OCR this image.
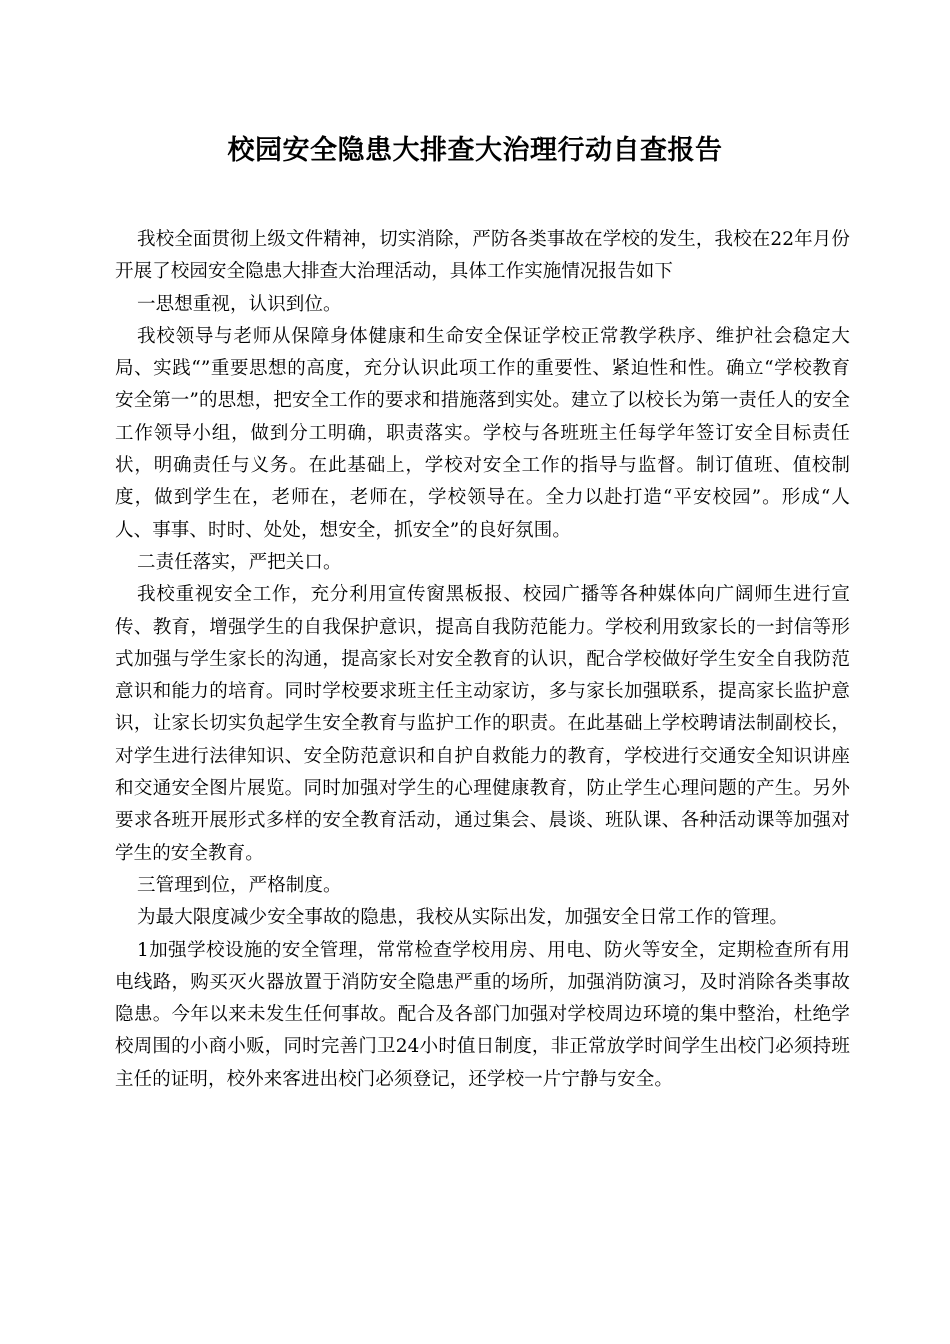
校园安全隐患大排查大治理行动自查报告

我校全面贯彻上级文件精神，切实消除，严防各类事故在学校的发生，我校在22年月份开展了校园安全隐患大排查大治理活动，具体工作实施情况报告如下

一思想重视，认识到位。

我校领导与老师从保障身体健康和生命安全保证学校正常教学秩序、维护社会稳定大局、实践“”重要思想的高度，充分认识此项工作的重要性、紧迫性和性。确立“学校教育安全第一”的思想，把安全工作的要求和措施落到实处。建立了以校长为第一责任人的安全工作领导小组，做到分工明确，职责落实。学校与各班班主任每学年签订安全目标责任状，明确责任与义务。在此基础上，学校对安全工作的指导与监督。制订值班、值校制度，做到学生在，老师在，老师在，学校领导在。全力以赴打造“平安校园”。形成“人人、事事、时时、处处，想安全，抓安全”的良好氛围。

二责任落实，严把关口。

我校重视安全工作，充分利用宣传窗黑板报、校园广播等各种媒体向广阔师生进行宣传、教育，增强学生的自我保护意识，提高自我防范能力。学校利用致家长的一封信等形式加强与学生家长的沟通，提高家长对安全教育的认识，配合学校做好学生安全自我防范意识和能力的培育。同时学校要求班主任主动家访，多与家长加强联系，提高家长监护意识，让家长切实负起学生安全教育与监护工作的职责。在此基础上学校聘请法制副校长，对学生进行法律知识、安全防范意识和自护自救能力的教育，学校进行交通安全知识讲座和交通安全图片展览。同时加强对学生的心理健康教育，防止学生心理问题的产生。另外要求各班开展形式多样的安全教育活动，通过集会、晨谈、班队课、各种活动课等加强对学生的安全教育。

三管理到位，严格制度。

为最大限度减少安全事故的隐患，我校从实际出发，加强安全日常工作的管理。

1加强学校设施的安全管理，常常检查学校用房、用电、防火等安全，定期检查所有用电线路，购买灭火器放置于消防安全隐患严重的场所，加强消防演习，及时消除各类事故隐患。今年以来未发生任何事故。配合及各部门加强对学校周边环境的集中整治，杜绝学校周围的小商小贩，同时完善门卫24小时值日制度，非正常放学时间学生出校门必须持班主任的证明，校外来客进出校门必须登记，还学校一片宁静与安全。
